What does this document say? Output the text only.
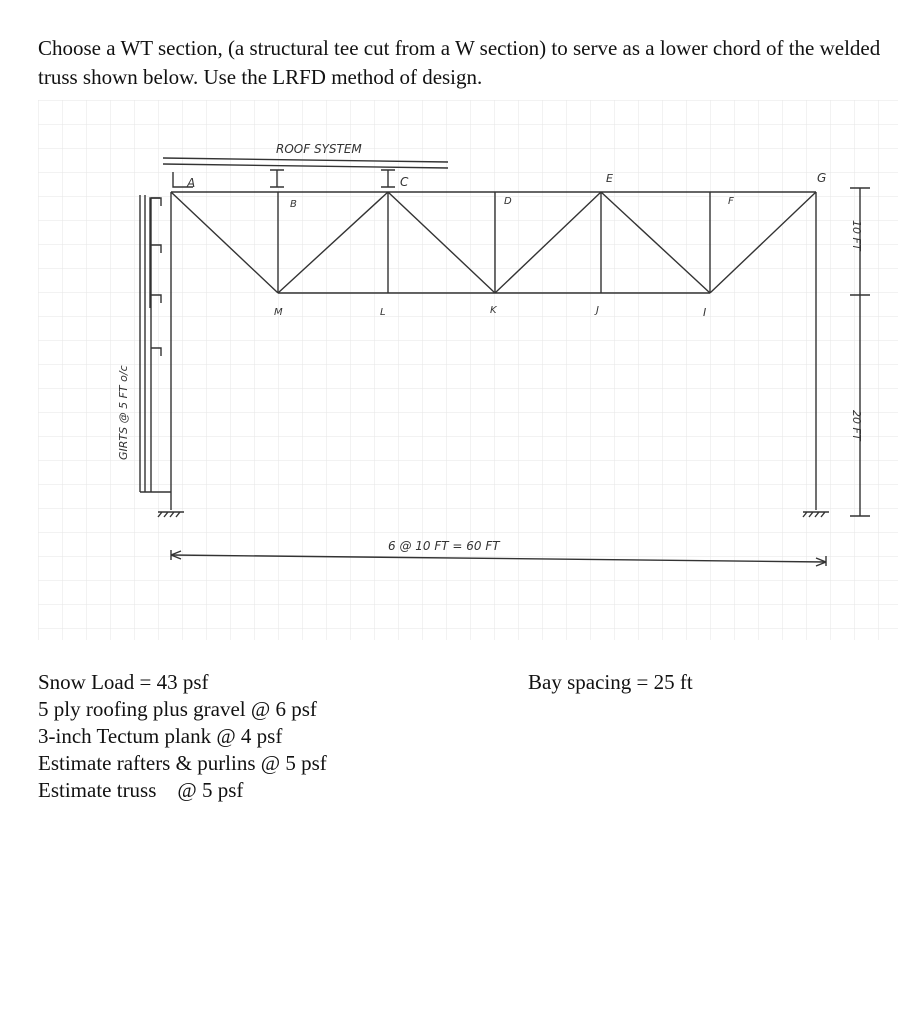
Choose a WT section, (a structural tee cut from a W section) to serve as a lower chord of the welded truss shown below. Use the LRFD method of design.

ROOF SYSTEM
A
B
C
D
E
F
G
M	L	K	J	I
GIRTS @ 5 FT o/c
6 @ 10 FT = 60 FT
10 FT
20 FT
Snow Load = 43 psf
5 ply roofing plus gravel @ 6 psf
3-inch Tectum plank @ 4 psf
Estimate rafters & purlins @ 5 psf
Estimate truss    @ 5 psf
Bay spacing = 25 ft
